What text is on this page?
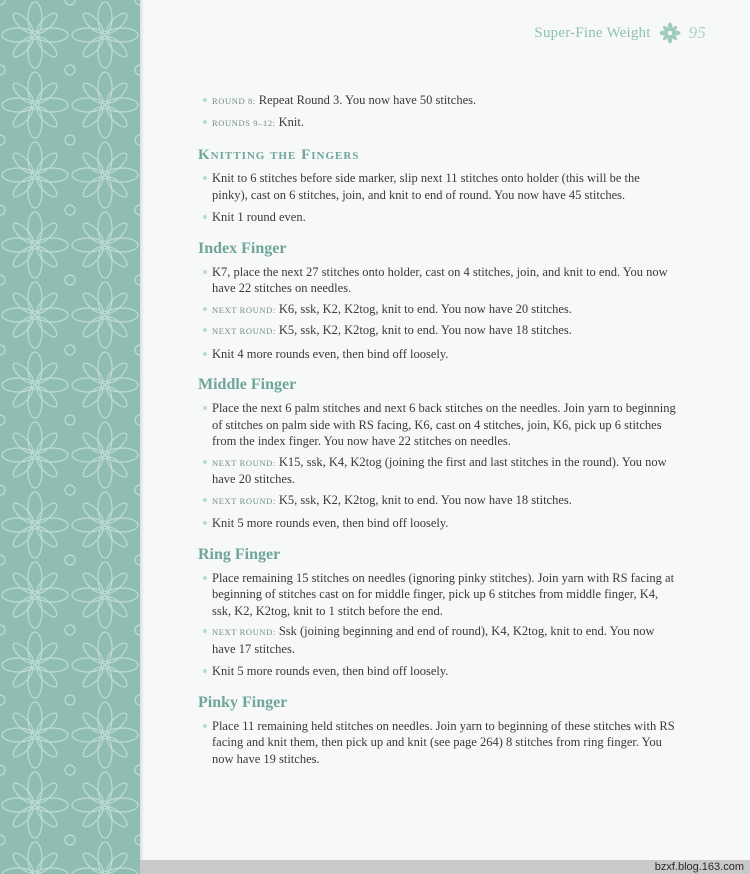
Super-Fine Weight 95

ROUND 8: Repeat Round 3. You now have 50 stitches.

ROUNDS 9–12: Knit.

Knitting the Fingers

Knit to 6 stitches before side marker, slip next 11 stitches onto holder (this will be the pinky), cast on 6 stitches, join, and knit to end of round. You now have 45 stitches.

Knit 1 round even.

Index Finger

K7, place the next 27 stitches onto holder, cast on 4 stitches, join, and knit to end. You now have 22 stitches on needles.

NEXT ROUND: K6, ssk, K2, K2tog, knit to end. You now have 20 stitches.

NEXT ROUND: K5, ssk, K2, K2tog, knit to end. You now have 18 stitches.

Knit 4 more rounds even, then bind off loosely.

Middle Finger

Place the next 6 palm stitches and next 6 back stitches on the needles. Join yarn to beginning of stitches on palm side with RS facing, K6, cast on 4 stitches, join, K6, pick up 6 stitches from the index finger. You now have 22 stitches on needles.

NEXT ROUND: K15, ssk, K4, K2tog (joining the first and last stitches in the round). You now have 20 stitches.

NEXT ROUND: K5, ssk, K2, K2tog, knit to end. You now have 18 stitches.

Knit 5 more rounds even, then bind off loosely.

Ring Finger

Place remaining 15 stitches on needles (ignoring pinky stitches). Join yarn with RS facing at beginning of stitches cast on for middle finger, pick up 6 stitches from middle finger, K4, ssk, K2, K2tog, knit to 1 stitch before the end.

NEXT ROUND: Ssk (joining beginning and end of round), K4, K2tog, knit to end. You now have 17 stitches.

Knit 5 more rounds even, then bind off loosely.

Pinky Finger

Place 11 remaining held stitches on needles. Join yarn to beginning of these stitches with RS facing and knit them, then pick up and knit (see page 264) 8 stitches from ring finger. You now have 19 stitches.

bzxf.blog.163.com
